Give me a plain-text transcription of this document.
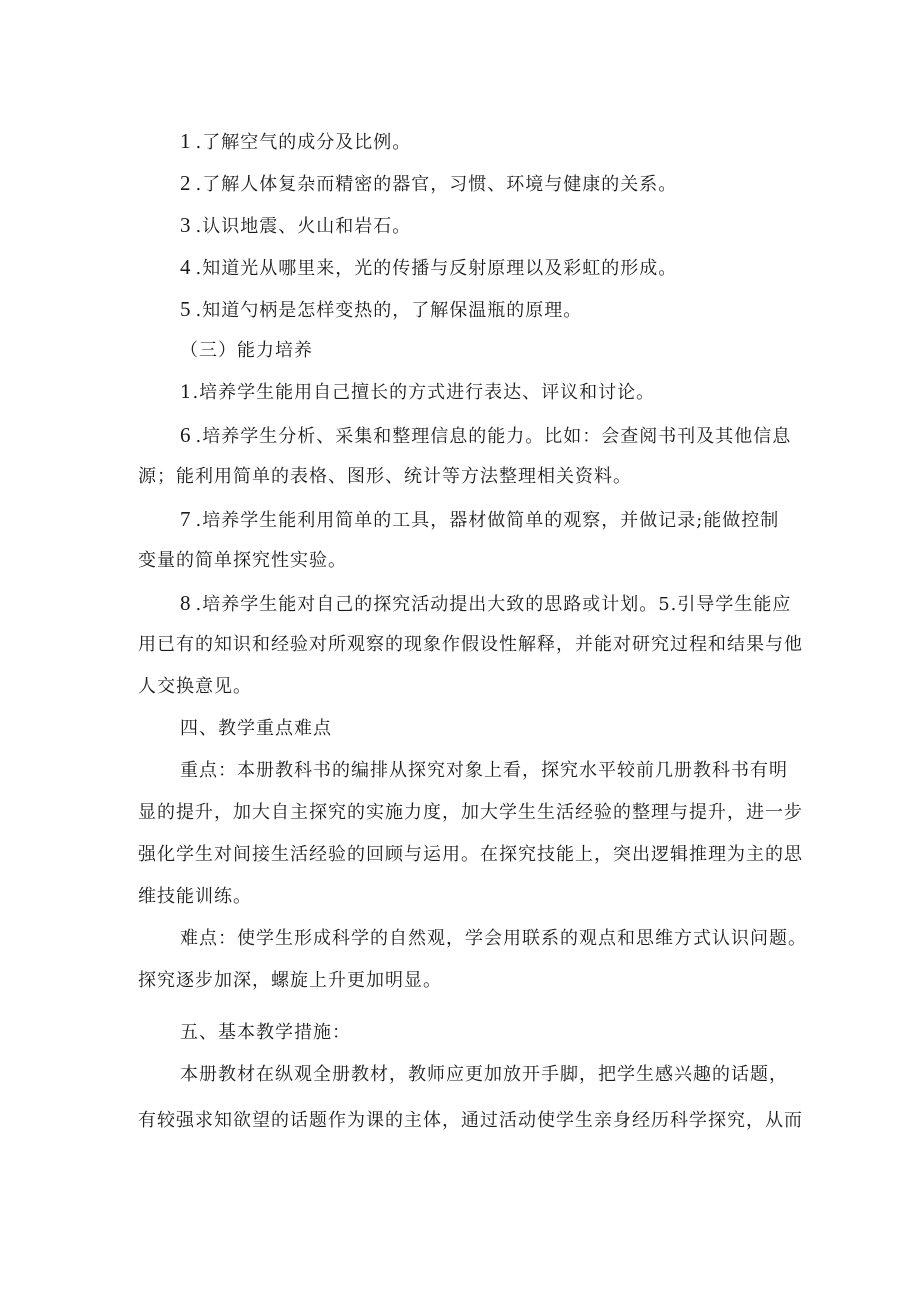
1 .了解空气的成分及比例。
2 .了解人体复杂而精密的器官，习惯、环境与健康的关系。
3 .认识地震、火山和岩石。
4 .知道光从哪里来，光的传播与反射原理以及彩虹的形成。
5 .知道勺柄是怎样变热的，了解保温瓶的原理。
（三）能力培养
1.培养学生能用自己擅长的方式进行表达、评议和讨论。
6 .培养学生分析、采集和整理信息的能力。比如：会查阅书刊及其他信息
源；能利用简单的表格、图形、统计等方法整理相关资料。
7 .培养学生能利用简单的工具，器材做简单的观察，并做记录;能做控制
变量的简单探究性实验。
8 .培养学生能对自己的探究活动提出大致的思路或计划。5.引导学生能应
用已有的知识和经验对所观察的现象作假设性解释，并能对研究过程和结果与他
人交换意见。
四、教学重点难点
重点：本册教科书的编排从探究对象上看，探究水平较前几册教科书有明
显的提升，加大自主探究的实施力度，加大学生生活经验的整理与提升，进一步
强化学生对间接生活经验的回顾与运用。在探究技能上，突出逻辑推理为主的思
维技能训练。
难点：使学生形成科学的自然观，学会用联系的观点和思维方式认识问题。
探究逐步加深，螺旋上升更加明显。
五、基本教学措施：
本册教材在纵观全册教材，教师应更加放开手脚，把学生感兴趣的话题，
有较强求知欲望的话题作为课的主体，通过活动使学生亲身经历科学探究，从而
